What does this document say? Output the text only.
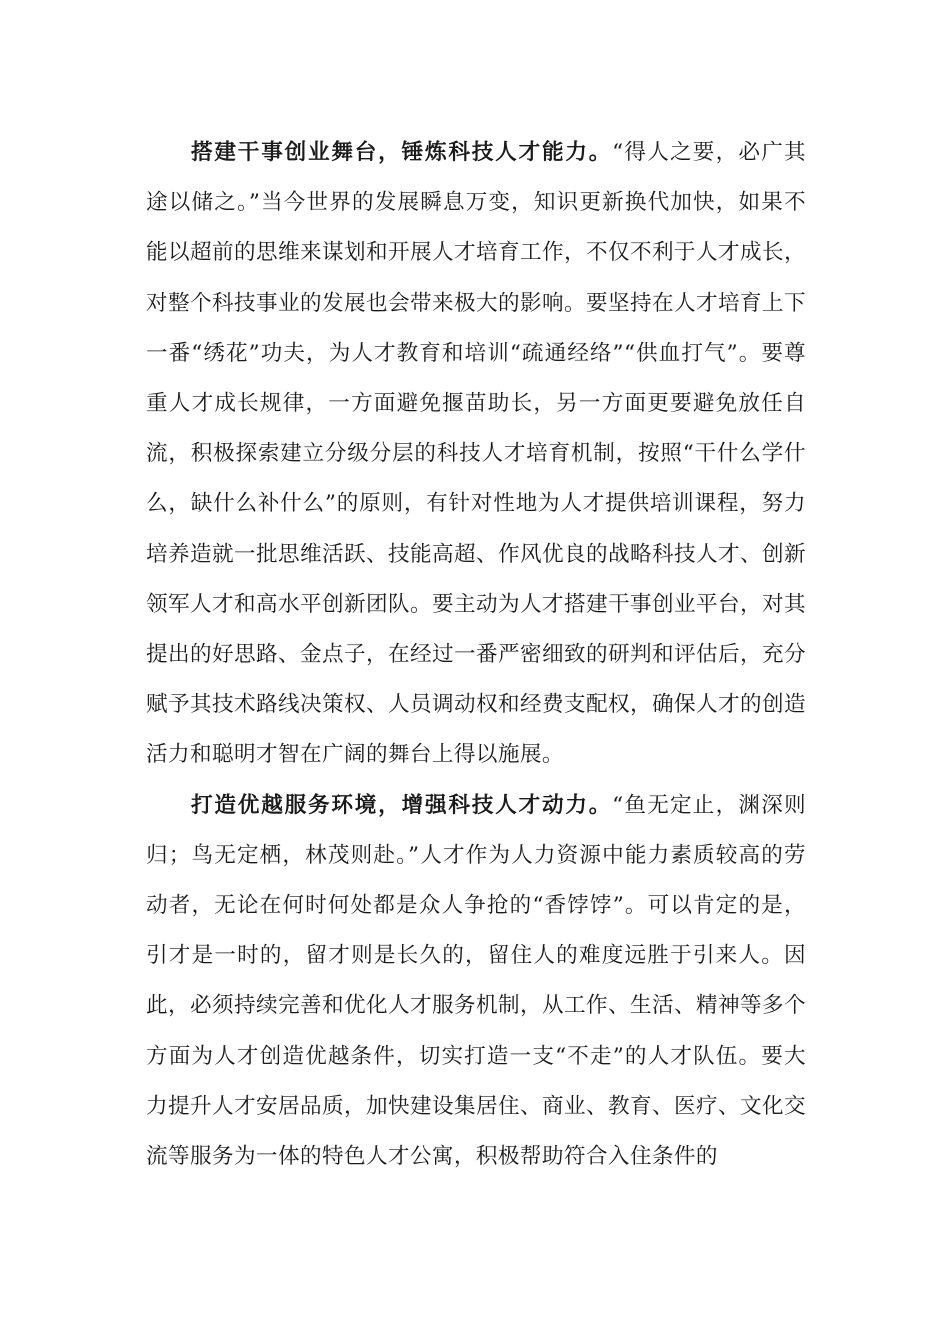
搭建干事创业舞台，锤炼科技人才能力。“得人之要，必广其途以储之。”当今世界的发展瞬息万变，知识更新换代加快，如果不能以超前的思维来谋划和开展人才培育工作，不仅不利于人才成长，对整个科技事业的发展也会带来极大的影响。要坚持在人才培育上下一番“绣花”功夫，为人才教育和培训“疏通经络”“供血打气”。要尊重人才成长规律，一方面避免揠苗助长，另一方面更要避免放任自流，积极探索建立分级分层的科技人才培育机制，按照“干什么学什么，缺什么补什么”的原则，有针对性地为人才提供培训课程，努力培养造就一批思维活跃、技能高超、作风优良的战略科技人才、创新领军人才和高水平创新团队。要主动为人才搭建干事创业平台，对其提出的好思路、金点子，在经过一番严密细致的研判和评估后，充分赋予其技术路线决策权、人员调动权和经费支配权，确保人才的创造活力和聪明才智在广阔的舞台上得以施展。

打造优越服务环境，增强科技人才动力。“鱼无定止，渊深则归；鸟无定栖，林茂则赴。”人才作为人力资源中能力素质较高的劳动者，无论在何时何处都是众人争抢的“香饽饽”。可以肯定的是，引才是一时的，留才则是长久的，留住人的难度远胜于引来人。因此，必须持续完善和优化人才服务机制，从工作、生活、精神等多个方面为人才创造优越条件，切实打造一支“不走”的人才队伍。要大力提升人才安居品质，加快建设集居住、商业、教育、医疗、文化交流等服务为一体的特色人才公寓，积极帮助符合入住条件的
